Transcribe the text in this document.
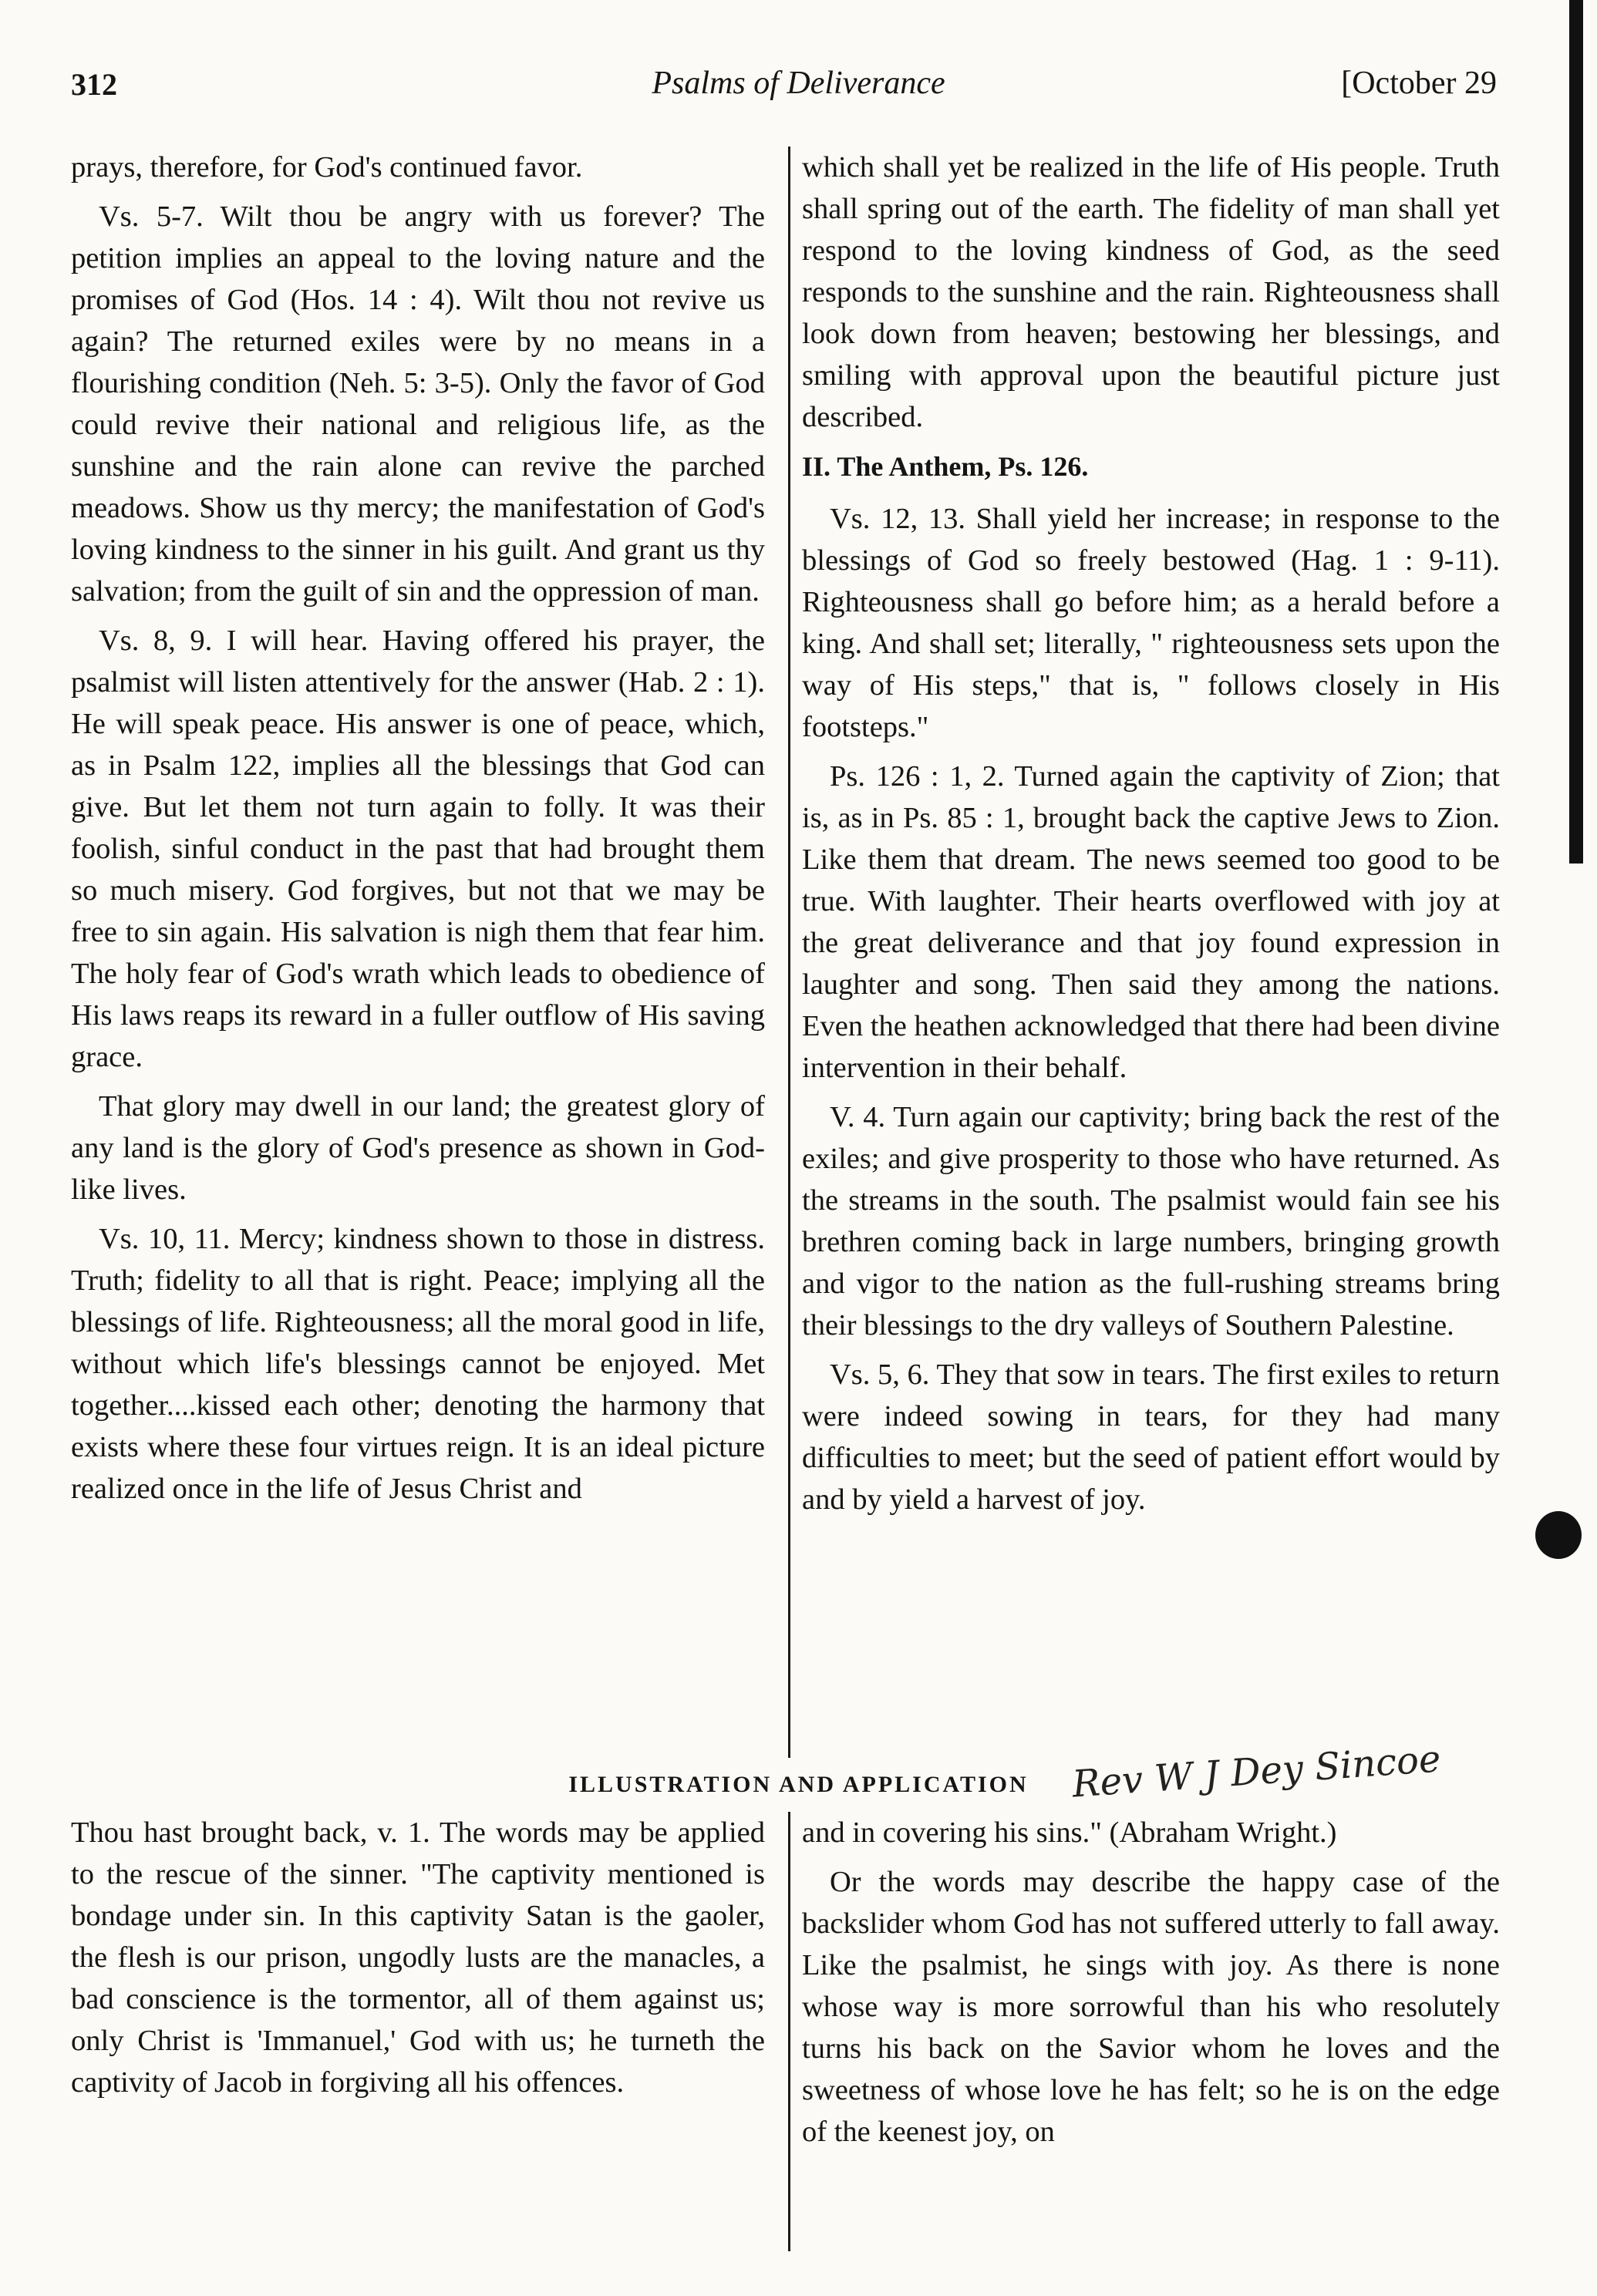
312	Psalms of Deliverance	[October 29

prays, therefore, for God's continued favor.

Vs. 5-7. Wilt thou be angry with us forever? The petition implies an appeal to the loving nature and the promises of God (Hos. 14 : 4). Wilt thou not revive us again? The returned exiles were by no means in a flourishing condition (Neh. 5: 3-5). Only the favor of God could revive their national and religious life, as the sunshine and the rain alone can revive the parched meadows. Show us thy mercy; the manifestation of God's loving kindness to the sinner in his guilt. And grant us thy salvation; from the guilt of sin and the oppression of man.

Vs. 8, 9. I will hear. Having offered his prayer, the psalmist will listen attentively for the answer (Hab. 2 : 1). He will speak peace. His answer is one of peace, which, as in Psalm 122, implies all the blessings that God can give. But let them not turn again to folly. It was their foolish, sinful conduct in the past that had brought them so much misery. God forgives, but not that we may be free to sin again. His salvation is nigh them that fear him. The holy fear of God's wrath which leads to obedience of His laws reaps its reward in a fuller outflow of His saving grace.

That glory may dwell in our land; the greatest glory of any land is the glory of God's presence as shown in God-like lives.

Vs. 10, 11. Mercy; kindness shown to those in distress. Truth; fidelity to all that is right. Peace; implying all the blessings of life. Righteousness; all the moral good in life, without which life's blessings cannot be enjoyed. Met together....kissed each other; denoting the harmony that exists where these four virtues reign. It is an ideal picture realized once in the life of Jesus Christ and

which shall yet be realized in the life of His people. Truth shall spring out of the earth. The fidelity of man shall yet respond to the loving kindness of God, as the seed responds to the sunshine and the rain. Righteousness shall look down from heaven; bestowing her blessings, and smiling with approval upon the beautiful picture just described.

II. The Anthem, Ps. 126.

Vs. 12, 13. Shall yield her increase; in response to the blessings of God so freely bestowed (Hag. 1 : 9-11). Righteousness shall go before him; as a herald before a king. And shall set; literally, " righteousness sets upon the way of His steps," that is, " follows closely in His footsteps."

Ps. 126 : 1, 2. Turned again the captivity of Zion; that is, as in Ps. 85 : 1, brought back the captive Jews to Zion. Like them that dream. The news seemed too good to be true. With laughter. Their hearts overflowed with joy at the great deliverance and that joy found expression in laughter and song. Then said they among the nations. Even the heathen acknowledged that there had been divine intervention in their behalf.

V. 4. Turn again our captivity; bring back the rest of the exiles; and give prosperity to those who have returned. As the streams in the south. The psalmist would fain see his brethren coming back in large numbers, bringing growth and vigor to the nation as the full-rushing streams bring their blessings to the dry valleys of Southern Palestine.

Vs. 5, 6. They that sow in tears. The first exiles to return were indeed sowing in tears, for they had many difficulties to meet; but the seed of patient effort would by and by yield a harvest of joy.

ILLUSTRATION AND APPLICATION	Rev W J Dey Sincoe

Thou hast brought back, v. 1. The words may be applied to the rescue of the sinner. "The captivity mentioned is bondage under sin. In this captivity Satan is the gaoler, the flesh is our prison, ungodly lusts are the manacles, a bad conscience is the tormentor, all of them against us; only Christ is 'Immanuel,' God with us; he turneth the captivity of Jacob in forgiving all his offences.

and in covering his sins." (Abraham Wright.)

Or the words may describe the happy case of the backslider whom God has not suffered utterly to fall away. Like the psalmist, he sings with joy. As there is none whose way is more sorrowful than his who resolutely turns his back on the Savior whom he loves and the sweetness of whose love he has felt; so he is on the edge of the keenest joy, on
